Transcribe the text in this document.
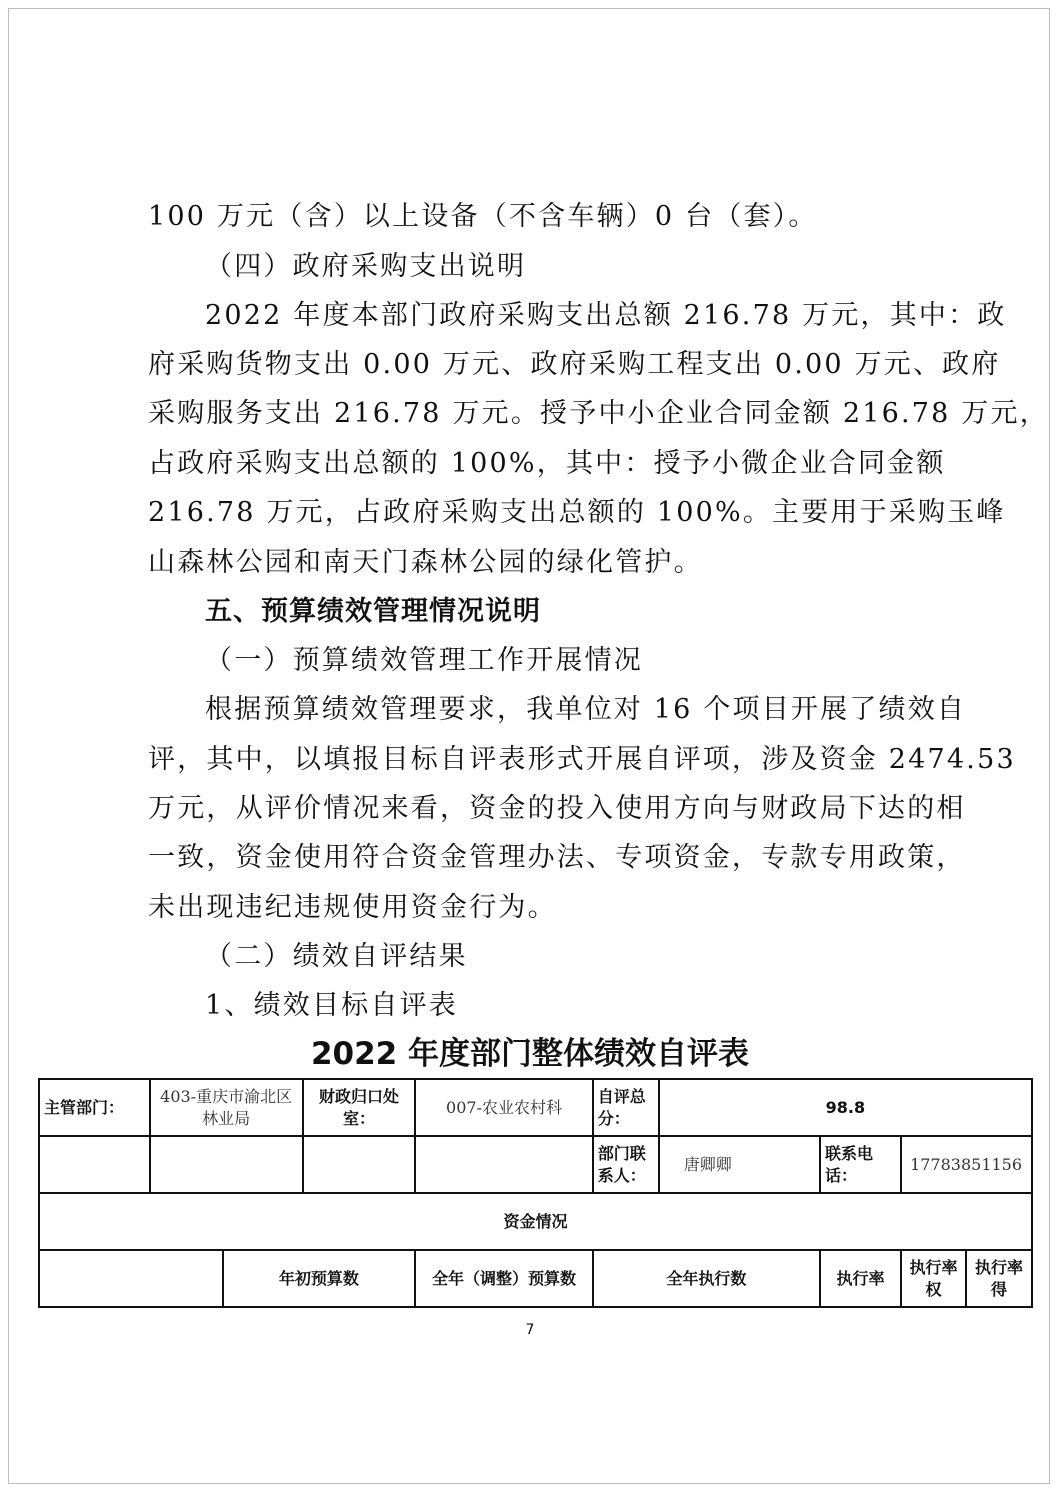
100 万元（含）以上设备（不含车辆）0 台（套）。
（四）政府采购支出说明
2022 年度本部门政府采购支出总额 216.78 万元，其中：政
府采购货物支出 0.00 万元、政府采购工程支出 0.00 万元、政府
采购服务支出 216.78 万元。授予中小企业合同金额 216.78 万元，
占政府采购支出总额的 100%，其中：授予小微企业合同金额
216.78 万元，占政府采购支出总额的 100%。主要用于采购玉峰
山森林公园和南天门森林公园的绿化管护。
五、预算绩效管理情况说明
（一）预算绩效管理工作开展情况
根据预算绩效管理要求，我单位对 16 个项目开展了绩效自
评，其中，以填报目标自评表形式开展自评项，涉及资金 2474.53
万元，从评价情况来看，资金的投入使用方向与财政局下达的相
一致，资金使用符合资金管理办法、专项资金，专款专用政策，
未出现违纪违规使用资金行为。
（二）绩效自评结果
1、绩效目标自评表
2022 年度部门整体绩效自评表
主管部门：	403-重庆市渝北区林业局		财政归口处室：	007-农业农村科	自评总分：	98.8			
					部门联系人：	唐卿卿	联系电话：	17783851156	
资金情况									
		年初预算数		全年（调整）预算数	全年执行数		执行率	执行率权	执行率得
7
